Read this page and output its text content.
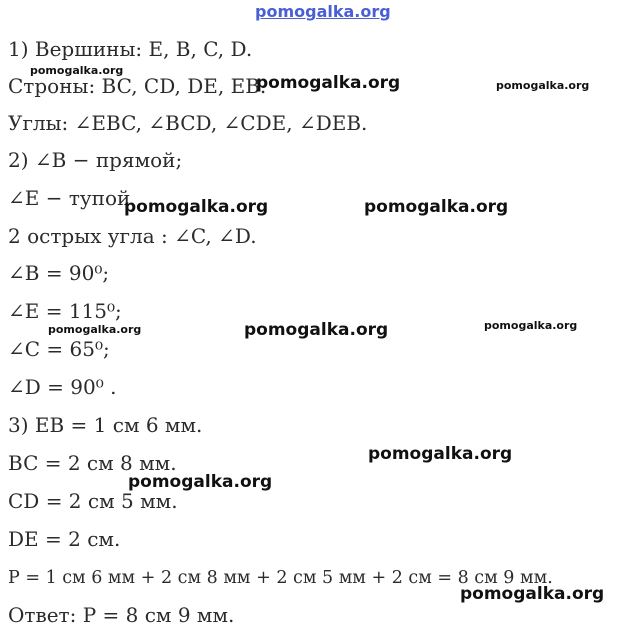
pomogalka.org
1) Вершины: E, B, C, D.
Строны: BC, CD, DE, EB.
Углы: ∠EBC, ∠BCD, ∠CDE, ∠DEB.
2) ∠B − прямой;
∠E − тупой
2 острых угла : ∠C, ∠D.
∠B = 90⁰;
∠E = 115⁰;
∠C = 65⁰;
∠D = 90⁰ .
3) EB = 1 см 6 мм.
BC = 2 см 8 мм.
CD = 2 см 5 мм.
DE = 2 см.
P = 1 см 6 мм + 2 см 8 мм + 2 см 5 мм + 2 см = 8 см 9 мм.
Ответ: P = 8 см 9 мм.
pomogalka.org
pomogalka.org	pomogalka.org
pomogalka.org	pomogalka.org
pomogalka.org	pomogalka.org	pomogalka.org
pomogalka.org
pomogalka.org
pomogalka.org
